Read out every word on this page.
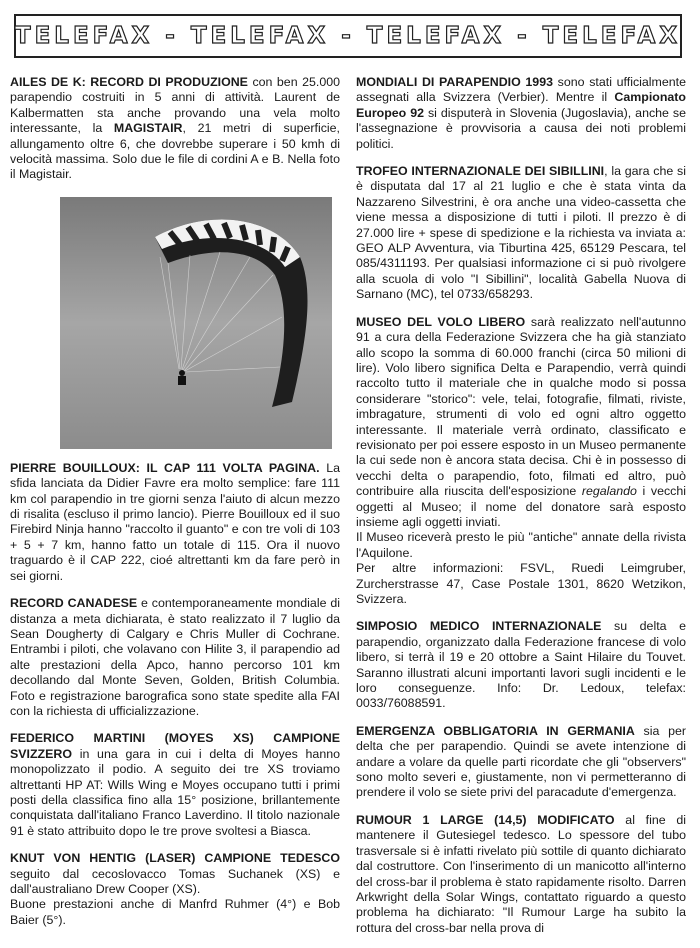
TELEFAX - TELEFAX - TELEFAX - TELEFAX

AILES DE K: RECORD DI PRODUZIONE con ben 25.000 parapendio costruiti in 5 anni di attività. Laurent de Kalbermatten sta anche provando una vela molto interessante, la MAGISTAIR, 21 metri di superficie, allungamento oltre 6, che dovrebbe superare i 50 kmh di velocità massima. Solo due le file di cordini A e B. Nella foto il Magistair.

PIERRE BOUILLOUX: IL CAP 111 VOLTA PAGINA. La sfida lanciata da Didier Favre era molto semplice: fare 111 km col parapendio in tre giorni senza l'aiuto di alcun mezzo di risalita (escluso il primo lancio). Pierre Bouilloux ed il suo Firebird Ninja hanno "raccolto il guanto" e con tre voli di 103 + 5 + 7 km, hanno fatto un totale di 115. Ora il nuovo traguardo è il CAP 222, cioé altrettanti km da fare però in sei giorni.

RECORD CANADESE e contemporaneamente mondiale di distanza a meta dichiarata, è stato realizzato il 7 luglio da Sean Dougherty di Calgary e Chris Muller di Cochrane. Entrambi i piloti, che volavano con Hilite 3, il parapendio ad alte prestazioni della Apco, hanno percorso 101 km decollando dal Monte Seven, Golden, British Columbia. Foto e registrazione barografica sono state spedite alla FAI con la richiesta di ufficializzazione.

FEDERICO MARTINI (MOYES XS) CAMPIONE SVIZZERO in una gara in cui i delta di Moyes hanno monopolizzato il podio. A seguito dei tre XS troviamo altrettanti HP AT: Wills Wing e Moyes occupano tutti i primi posti della classifica fino alla 15° posizione, brillantemente conquistata dall'italiano Franco Laverdino. Il titolo nazionale 91 è stato attribuito dopo le tre prove svoltesi a Biasca.

KNUT VON HENTIG (LASER) CAMPIONE TEDESCO seguito dal cecoslovacco Tomas Suchanek (XS) e dall'australiano Drew Cooper (XS).
Buone prestazioni anche di Manfrd Ruhmer (4°) e Bob Baier (5°).

MONDIALI DI PARAPENDIO 1993 sono stati ufficialmente assegnati alla Svizzera (Verbier). Mentre il Campionato Europeo 92 si disputerà in Slovenia (Jugoslavia), anche se l'assegnazione è provvisoria a causa dei noti problemi politici.

TROFEO INTERNAZIONALE DEI SIBILLINI, la gara che si è disputata dal 17 al 21 luglio e che è stata vinta da Nazzareno Silvestrini, è ora anche una video-cassetta che viene messa a disposizione di tutti i piloti. Il prezzo è di 27.000 lire + spese di spedizione e la richiesta va inviata a: GEO ALP Avventura, via Tiburtina 425, 65129 Pescara, tel 085/4311193. Per qualsiasi informazione ci si può rivolgere alla scuola di volo "I Sibillini", località Gabella Nuova di Sarnano (MC), tel 0733/658293.

MUSEO DEL VOLO LIBERO sarà realizzato nell'autunno 91 a cura della Federazione Svizzera che ha già stanziato allo scopo la somma di 60.000 franchi (circa 50 milioni di lire). Volo libero significa Delta e Parapendio, verrà quindi raccolto tutto il materiale che in qualche modo si possa considerare "storico": vele, telai, fotografie, filmati, riviste, imbragature, strumenti di volo ed ogni altro oggetto interessante. Il materiale verrà ordinato, classificato e revisionato per poi essere esposto in un Museo permanente la cui sede non è ancora stata decisa. Chi è in possesso di vecchi delta o parapendio, foto, filmati ed altro, può contribuire alla riuscita dell'esposizione regalando i vecchi oggetti al Museo; il nome del donatore sarà esposto insieme agli oggetti inviati.
Il Museo riceverà presto le più "antiche" annate della rivista l'Aquilone.
Per altre informazioni: FSVL, Ruedi Leimgruber, Zurcherstrasse 47, Case Postale 1301, 8620 Wetzikon, Svizzera.

SIMPOSIO MEDICO INTERNAZIONALE su delta e parapendio, organizzato dalla Federazione francese di volo libero, si terrà il 19 e 20 ottobre a Saint Hilaire du Touvet. Saranno illustrati alcuni importanti lavori sugli incidenti e le loro conseguenze. Info: Dr. Ledoux, telefax: 0033/76088591.

EMERGENZA OBBLIGATORIA IN GERMANIA sia per delta che per parapendio. Quindi se avete intenzione di andare a volare da quelle parti ricordate che gli "observers" sono molto severi e, giustamente, non vi permetteranno di prendere il volo se siete privi del paracadute d'emergenza.

RUMOUR 1 LARGE (14,5) MODIFICATO al fine di mantenere il Gutesiegel tedesco. Lo spessore del tubo trasversale si è infatti rivelato più sottile di quanto dichiarato dal costruttore. Con l'inserimento di un manicotto all'interno del cross-bar il problema è stato rapidamente risolto. Darren Arkwright della Solar Wings, contattato riguardo a questo problema ha dichiarato: "Il Rumour Large ha subito la rottura del cross-bar nella prova di
